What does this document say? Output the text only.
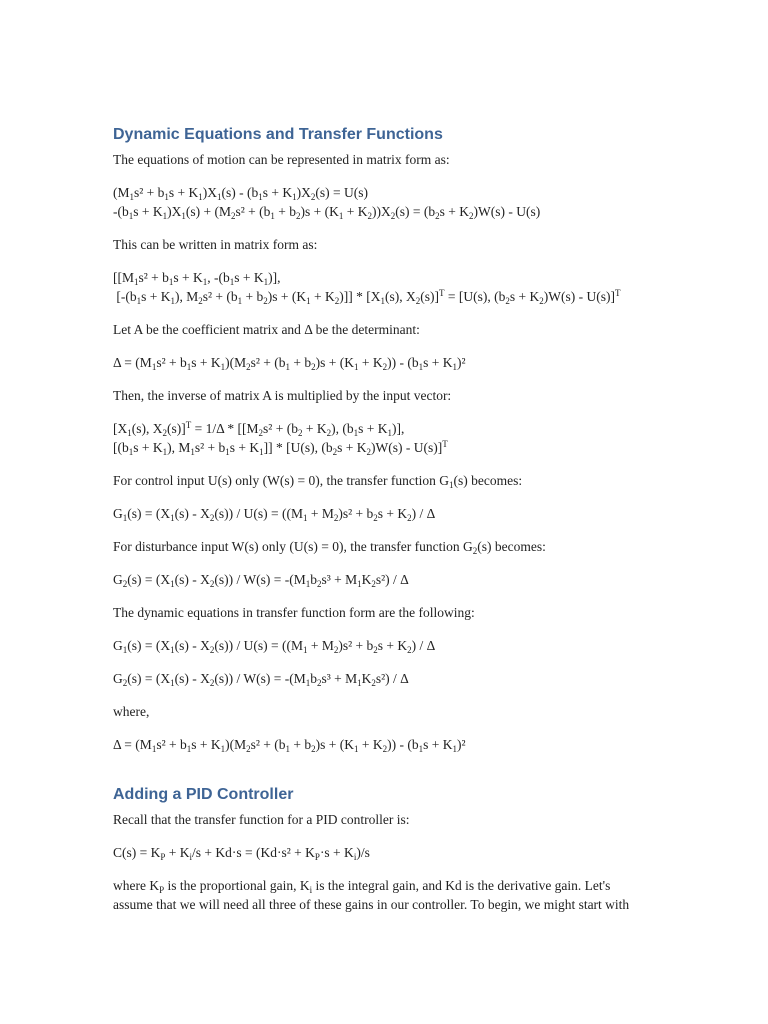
Dynamic Equations and Transfer Functions

The equations of motion can be represented in matrix form as:

$(M_1s^2 + b_1s + K_1)X_1(s) - (b_1s + K_1)X_2(s) = U(s)$
$-(b_1s + K_1)X_1(s) + (M_2s^2 + (b_1 + b_2)s + (K_1 + K_2))X_2(s) = (b_2s + K_2)W(s) - U(s)$

This can be written in matrix form as:

[[$M_1s^2 + b_1s + K_1$, $-(b_1s + K_1)$],
[$-(b_1s + K_1)$, $M_2s^2 + (b_1 + b_2)s + (K_1 + K_2)]] * [X_1(s)$, $X_2(s)]^T = [U(s)$, $(b_2s + K_2)W(s) - U(s)]^T$

Let A be the coefficient matrix and Δ be the determinant:

$\Delta = (M_1s^2 + b_1s + K_1)(M_2s^2 + (b_1 + b_2)s + (K_1 + K_2)) - (b_1s + K_1)^2$

Then, the inverse of matrix A is multiplied by the input vector:

[$X_1(s)$, $X_2(s)]^T = 1/\Delta * [[M_2s^2 + (b_2 + K_2)$, $(b_1s + K_1)$],
[$(b_1s + K_1)$, $M_1s^2 + b_1s + K_1]] * [U(s)$, $(b_2s + K_2)W(s) - U(s)]^T$

For control input U(s) only (W(s) = 0), the transfer function $G_1(s)$ becomes:

$G_1(s) = (X_1(s) - X_2(s)) / U(s) = ((M_1 + M_2)s^2 + b_2s + K_2) / \Delta$

For disturbance input W(s) only (U(s) = 0), the transfer function $G_2(s)$ becomes:

$G_2(s) = (X_1(s) - X_2(s)) / W(s) = -(M_1b_2s^3 + M_1K_2s^2) / \Delta$

The dynamic equations in transfer function form are the following:

$G_1(s) = (X_1(s) - X_2(s)) / U(s) = ((M_1 + M_2)s^2 + b_2s + K_2) / \Delta$

$G_2(s) = (X_1(s) - X_2(s)) / W(s) = -(M_1b_2s^3 + M_1K_2s^2) / \Delta$

where,

$\Delta = (M_1s^2 + b_1s + K_1)(M_2s^2 + (b_1 + b_2)s + (K_1 + K_2)) - (b_1s + K_1)^2$

Adding a PID Controller

Recall that the transfer function for a PID controller is:

$C(s) = K_P + K_i/s + Kd\cdot s = (Kd\cdot s^2 + K_P\cdot s + K_i)/s$

where $K_P$ is the proportional gain, $K_i$ is the integral gain, and Kd is the derivative gain. Let's assume that we will need all three of these gains in our controller. To begin, we might start with
